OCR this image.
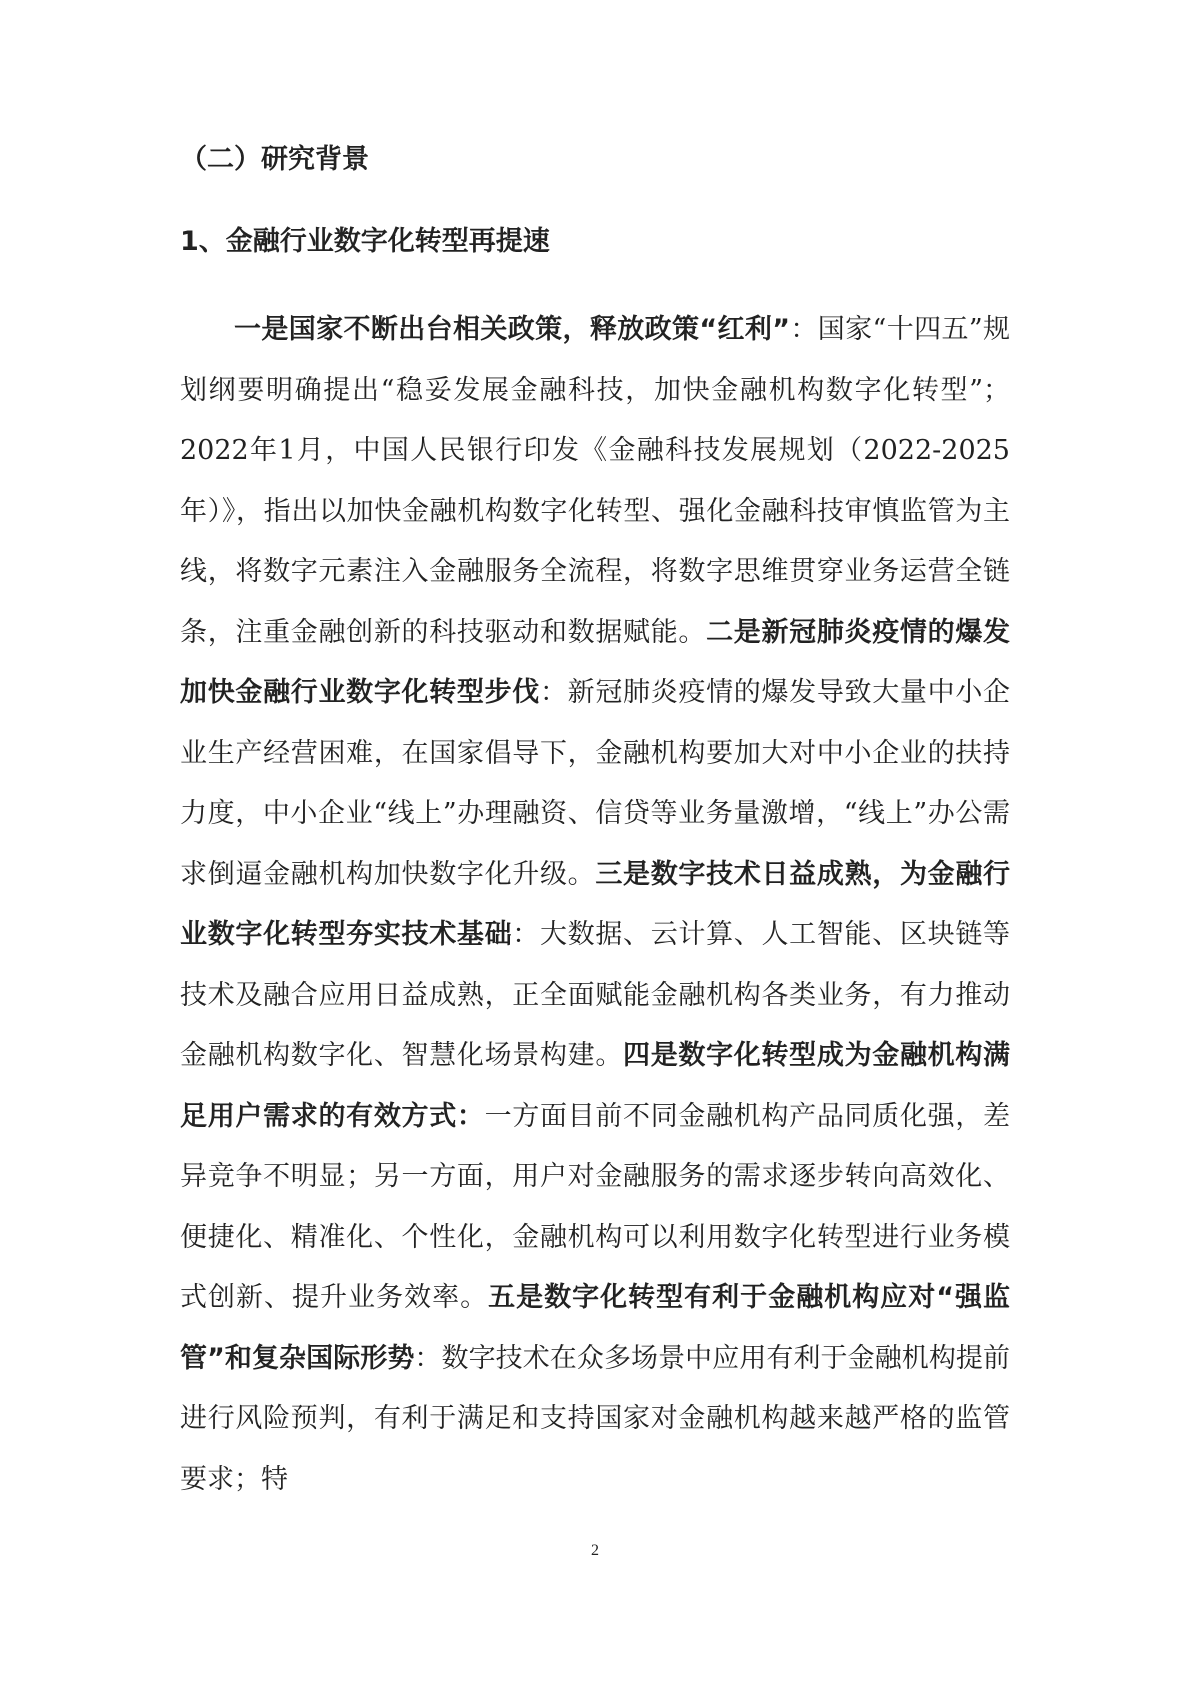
（二）研究背景
1、金融行业数字化转型再提速

一是国家不断出台相关政策，释放政策“红利”：国家“十四五”规划纲要明确提出“稳妥发展金融科技，加快金融机构数字化转型”；2022年1月，中国人民银行印发《金融科技发展规划（2022-2025年）》，指出以加快金融机构数字化转型、强化金融科技审慎监管为主线，将数字元素注入金融服务全流程，将数字思维贯穿业务运营全链条，注重金融创新的科技驱动和数据赋能。二是新冠肺炎疫情的爆发加快金融行业数字化转型步伐：新冠肺炎疫情的爆发导致大量中小企业生产经营困难，在国家倡导下，金融机构要加大对中小企业的扶持力度，中小企业“线上”办理融资、信贷等业务量激增，“线上”办公需求倒逼金融机构加快数字化升级。三是数字技术日益成熟，为金融行业数字化转型夯实技术基础：大数据、云计算、人工智能、区块链等技术及融合应用日益成熟，正全面赋能金融机构各类业务，有力推动金融机构数字化、智慧化场景构建。四是数字化转型成为金融机构满足用户需求的有效方式：一方面目前不同金融机构产品同质化强，差异竞争不明显；另一方面，用户对金融服务的需求逐步转向高效化、便捷化、精准化、个性化，金融机构可以利用数字化转型进行业务模式创新、提升业务效率。五是数字化转型有利于金融机构应对“强监管”和复杂国际形势：数字技术在众多场景中应用有利于金融机构提前进行风险预判，有利于满足和支持国家对金融机构越来越严格的监管要求；特

2
